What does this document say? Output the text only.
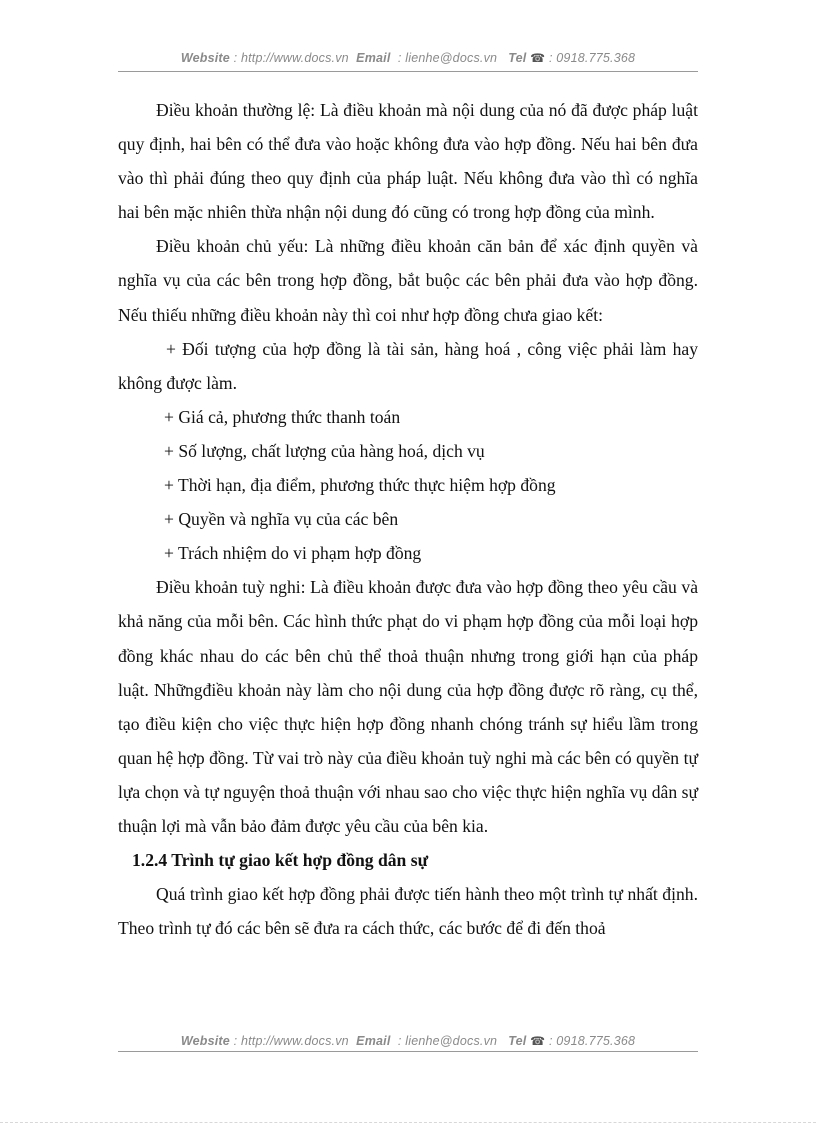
Website : http://www.docs.vn Email : lienhe@docs.vn Tel ☎ : 0918.775.368

Điều khoản thường lệ: Là điều khoản mà nội dung của nó đã được pháp luật quy định, hai bên có thể đưa vào hoặc không đưa vào hợp đồng. Nếu hai bên đưa vào thì phải đúng theo quy định của pháp luật. Nếu không đưa vào thì có nghĩa hai bên mặc nhiên thừa nhận nội dung đó cũng có trong hợp đồng của mình.

Điều khoản chủ yếu: Là những điều khoản căn bản để xác định quyền và nghĩa vụ của các bên trong hợp đồng, bắt buộc các bên phải đưa vào hợp đồng. Nếu thiếu những điều khoản này thì coi như hợp đồng chưa giao kết:

+ Đối tượng của hợp đồng là tài sản, hàng hoá , công việc phải làm hay không được làm.

+ Giá cả, phương thức thanh toán

+ Số lượng, chất lượng của hàng hoá, dịch vụ

+ Thời hạn, địa điểm, phương thức thực hiệm hợp đồng

+ Quyền và nghĩa vụ của các bên

+ Trách nhiệm do vi phạm hợp đồng

Điều khoản tuỳ nghi: Là điều khoản được đưa vào hợp đồng theo yêu cầu và khả năng của mỗi bên. Các hình thức phạt do vi phạm hợp đồng của mỗi loại hợp đồng khác nhau do các bên chủ thể thoả thuận nhưng trong giới hạn của pháp luật. Nhữngđiều khoản này làm cho nội dung của hợp đồng được rõ ràng, cụ thể, tạo điều kiện cho việc thực hiện hợp đồng nhanh chóng tránh sự hiểu lầm trong quan hệ hợp đồng. Từ vai trò này của điều khoản tuỳ nghi mà các bên có quyền tự lựa chọn và tự nguyện thoả thuận với nhau sao cho việc thực hiện nghĩa vụ dân sự thuận lợi mà vẫn bảo đảm được yêu cầu của bên kia.

1.2.4 Trình tự giao kết hợp đồng dân sự

Quá trình giao kết hợp đồng phải được tiến hành theo một trình tự nhất định. Theo trình tự đó các bên sẽ đưa ra cách thức, các bước để đi đến thoả

Website : http://www.docs.vn Email : lienhe@docs.vn Tel ☎ : 0918.775.368
